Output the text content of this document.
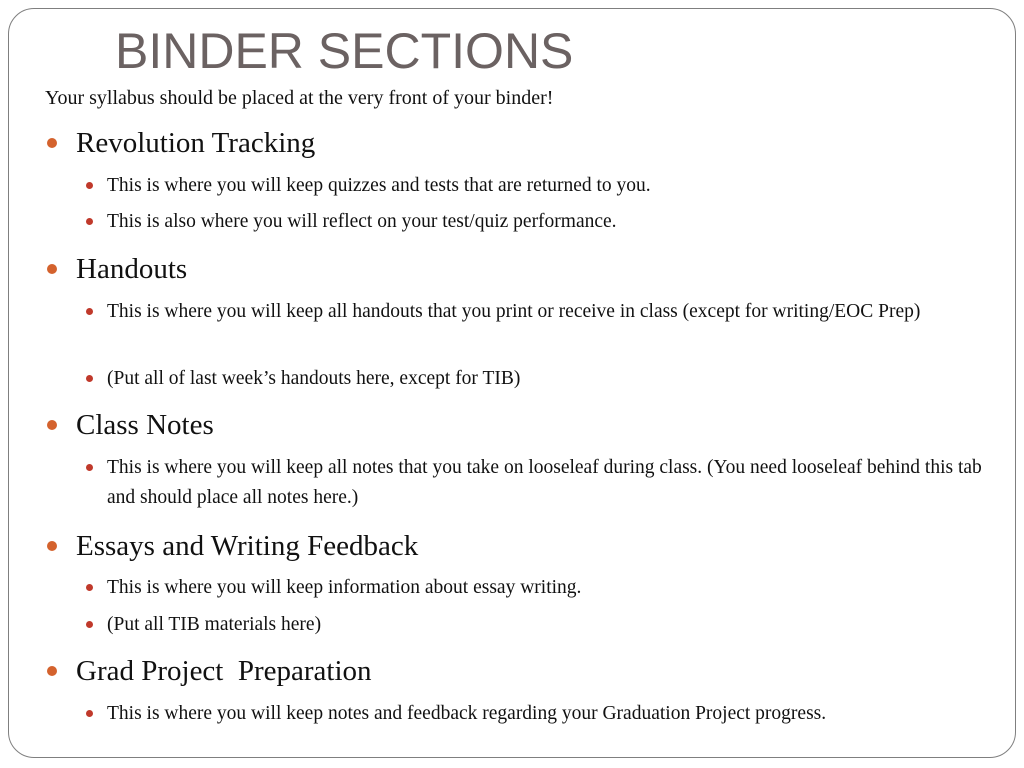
BINDER SECTIONS
Your syllabus should be placed at the very front of your binder!
Revolution Tracking
This is where you will keep quizzes and tests that are returned to you.
This is also where you will reflect on your test/quiz performance.
Handouts
This is where you will keep all handouts that you print or receive in class (except for writing/EOC Prep)
(Put all of last week’s handouts here, except for TIB)
Class Notes
This is where you will keep all notes that you take on looseleaf during class. (You need looseleaf behind this tab and should place all notes here.)
Essays and Writing Feedback
This is where you will keep information about essay writing.
(Put all TIB materials here)
Grad Project  Preparation
This is where you will keep notes and feedback regarding your Graduation Project progress.
